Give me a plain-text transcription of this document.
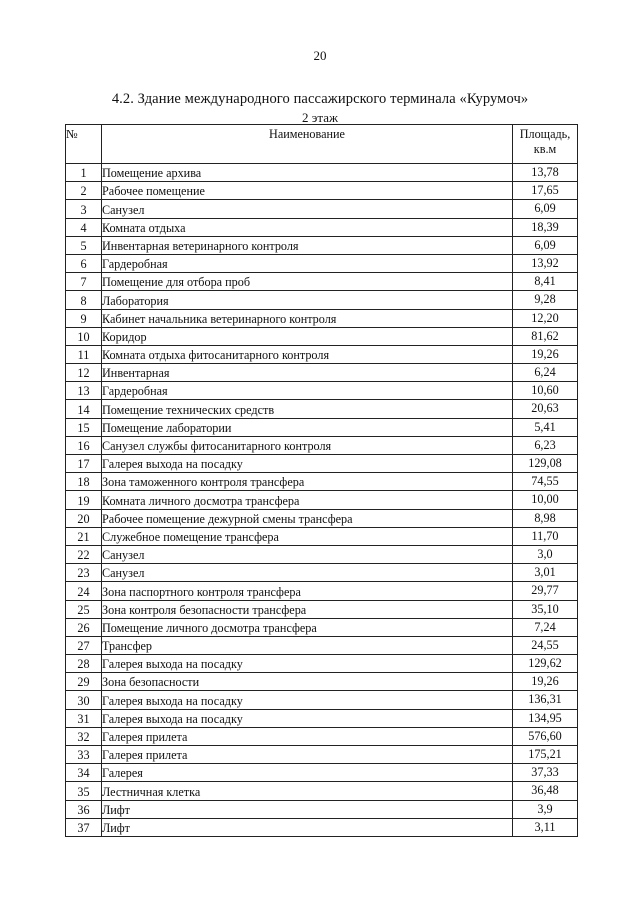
20
4.2. Здание международного пассажирского терминала «Курумоч»
2 этаж
№	Наименование	Площадь, кв.м
1	Помещение архива	13,78
2	Рабочее помещение	17,65
3	Санузел	6,09
4	Комната отдыха	18,39
5	Инвентарная ветеринарного контроля	6,09
6	Гардеробная	13,92
7	Помещение для отбора проб	8,41
8	Лаборатория	9,28
9	Кабинет начальника ветеринарного контроля	12,20
10	Коридор	81,62
11	Комната отдыха фитосанитарного контроля	19,26
12	Инвентарная	6,24
13	Гардеробная	10,60
14	Помещение технических средств	20,63
15	Помещение лаборатории	5,41
16	Санузел службы фитосанитарного контроля	6,23
17	Галерея выхода на посадку	129,08
18	Зона таможенного контроля трансфера	74,55
19	Комната личного досмотра трансфера	10,00
20	Рабочее помещение дежурной смены трансфера	8,98
21	Служебное помещение трансфера	11,70
22	Санузел	3,0
23	Санузел	3,01
24	Зона паспортного контроля трансфера	29,77
25	Зона контроля безопасности трансфера	35,10
26	Помещение личного досмотра трансфера	7,24
27	Трансфер	24,55
28	Галерея выхода на посадку	129,62
29	Зона безопасности	19,26
30	Галерея выхода на посадку	136,31
31	Галерея выхода на посадку	134,95
32	Галерея прилета	576,60
33	Галерея прилета	175,21
34	Галерея	37,33
35	Лестничная клетка	36,48
36	Лифт	3,9
37	Лифт	3,11
